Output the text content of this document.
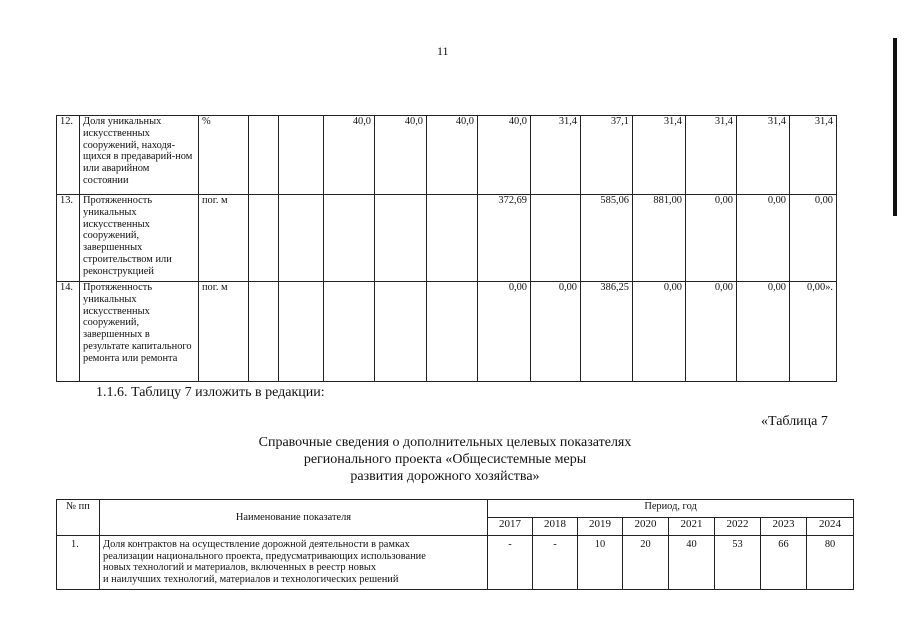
11
12.	Доля уникальных искусственных сооружений, находя-щихся в предаварий-ном или аварийном состоянии	%			40,0	40,0	40,0	40,0	31,4	37,1	31,4	31,4	31,4	31,4
13.	Протяженность уникальных искусственных сооружений, завершенных строительством или реконструкцией	пог. м						372,69		585,06	881,00	0,00	0,00	0,00
14.	Протяженность уникальных искусственных сооружений, завершенных в результате капитального ремонта или ремонта	пог. м						0,00	0,00	386,25	0,00	0,00	0,00	0,00».
1.1.6. Таблицу 7 изложить в редакции:
«Таблица 7
Справочные сведения о дополнительных целевых показателях
регионального проекта «Общесистемные меры
развития дорожного хозяйства»
№ пп	Наименование показателя	Период, год							
		2017	2018	2019	2020	2021	2022	2023	2024
1.	Доля контрактов на осуществление дорожной деятельности в рамках
реализации национального проекта, предусматривающих использование
новых технологий и материалов, включенных в реестр новых
и наилучших технологий, материалов и технологических решений	-	-	10	20	40	53	66	80
